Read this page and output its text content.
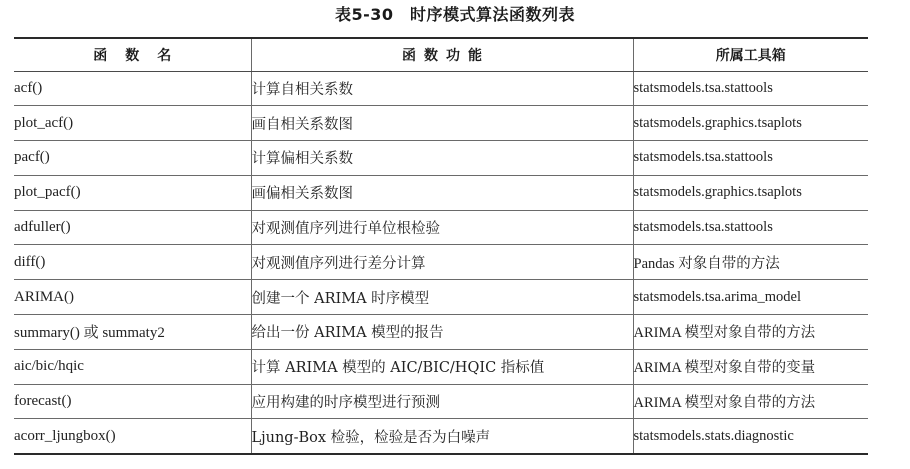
表5-30　时序模式算法函数列表
函数名	函数功能	所属工具箱
acf()	计算自相关系数	statsmodels.tsa.stattools
plot_acf()	画自相关系数图	statsmodels.graphics.tsaplots
pacf()	计算偏相关系数	statsmodels.tsa.stattools
plot_pacf()	画偏相关系数图	statsmodels.graphics.tsaplots
adfuller()	对观测值序列进行单位根检验	statsmodels.tsa.stattools
diff()	对观测值序列进行差分计算	Pandas 对象自带的方法
ARIMA()	创建一个 ARIMA 时序模型	statsmodels.tsa.arima_model
summary() 或 summaty2	给出一份 ARIMA 模型的报告	ARIMA 模型对象自带的方法
aic/bic/hqic	计算 ARIMA 模型的 AIC/BIC/HQIC 指标值	ARIMA 模型对象自带的变量
forecast()	应用构建的时序模型进行预测	ARIMA 模型对象自带的方法
acorr_ljungbox()	Ljung-Box 检验，检验是否为白噪声	statsmodels.stats.diagnostic
